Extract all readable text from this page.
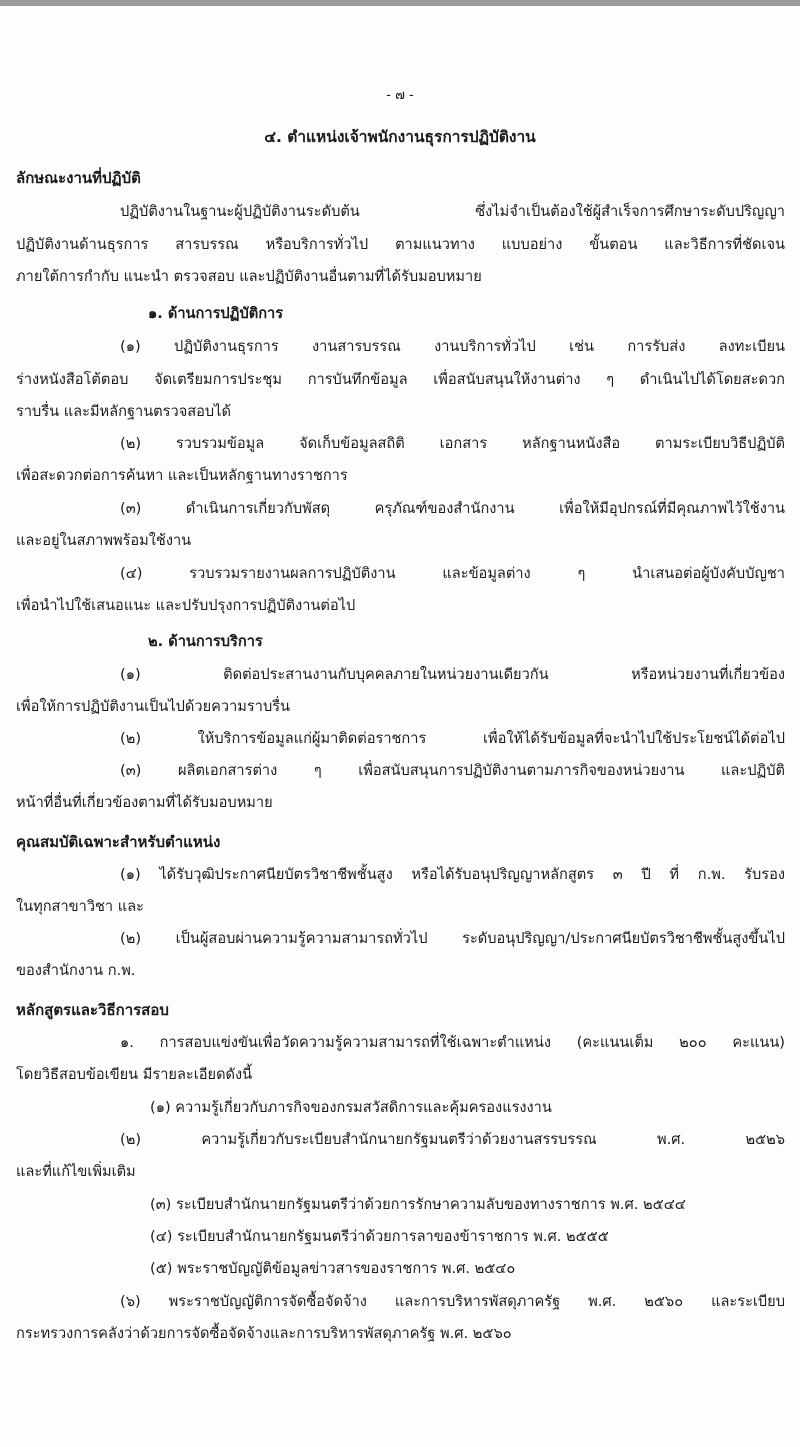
- ๗ -
๔. ตำแหน่งเจ้าพนักงานธุรการปฏิบัติงาน
ลักษณะงานที่ปฏิบัติ
ปฏิบัติงานในฐานะผู้ปฏิบัติงานระดับต้น ซึ่งไม่จำเป็นต้องใช้ผู้สำเร็จการศึกษาระดับปริญญา
ปฏิบัติงานด้านธุรการ สารบรรณ หรือบริการทั่วไป ตามแนวทาง แบบอย่าง ขั้นตอน และวิธีการที่ชัดเจน
ภายใต้การกำกับ แนะนำ ตรวจสอบ และปฏิบัติงานอื่นตามที่ได้รับมอบหมาย
๑. ด้านการปฏิบัติการ
(๑) ปฏิบัติงานธุรการ งานสารบรรณ งานบริการทั่วไป เช่น การรับส่ง ลงทะเบียน
ร่างหนังสือโต้ตอบ จัดเตรียมการประชุม การบันทึกข้อมูล เพื่อสนับสนุนให้งานต่าง ๆ ดำเนินไปได้โดยสะดวก
ราบรื่น และมีหลักฐานตรวจสอบได้
(๒) รวบรวมข้อมูล จัดเก็บข้อมูลสถิติ เอกสาร หลักฐานหนังสือ ตามระเบียบวิธีปฏิบัติ
เพื่อสะดวกต่อการค้นหา และเป็นหลักฐานทางราชการ
(๓) ดำเนินการเกี่ยวกับพัสดุ ครุภัณฑ์ของสำนักงาน เพื่อให้มีอุปกรณ์ที่มีคุณภาพไว้ใช้งาน
และอยู่ในสภาพพร้อมใช้งาน
(๔) รวบรวมรายงานผลการปฏิบัติงาน และข้อมูลต่าง ๆ นำเสนอต่อผู้บังคับบัญชา
เพื่อนำไปใช้เสนอแนะ และปรับปรุงการปฏิบัติงานต่อไป
๒. ด้านการบริการ
(๑) ติดต่อประสานงานกับบุคคลภายในหน่วยงานเดียวกัน หรือหน่วยงานที่เกี่ยวข้อง
เพื่อให้การปฏิบัติงานเป็นไปด้วยความราบรื่น
(๒) ให้บริการข้อมูลแก่ผู้มาติดต่อราชการ เพื่อให้ได้รับข้อมูลที่จะนำไปใช้ประโยชน์ได้ต่อไป
(๓) ผลิตเอกสารต่าง ๆ เพื่อสนับสนุนการปฏิบัติงานตามภารกิจของหน่วยงาน และปฏิบัติ
หน้าที่อื่นที่เกี่ยวข้องตามที่ได้รับมอบหมาย
คุณสมบัติเฉพาะสำหรับตำแหน่ง
(๑) ได้รับวุฒิประกาศนียบัตรวิชาชีพชั้นสูง หรือได้รับอนุปริญญาหลักสูตร ๓ ปี ที่ ก.พ. รับรอง
ในทุกสาขาวิชา และ
(๒) เป็นผู้สอบผ่านความรู้ความสามารถทั่วไป ระดับอนุปริญญา/ประกาศนียบัตรวิชาชีพชั้นสูงขึ้นไป
ของสำนักงาน ก.พ.
หลักสูตรและวิธีการสอบ
๑. การสอบแข่งขันเพื่อวัดความรู้ความสามารถที่ใช้เฉพาะตำแหน่ง (คะแนนเต็ม ๒๐๐ คะแนน)
โดยวิธีสอบข้อเขียน มีรายละเอียดดังนี้
(๑) ความรู้เกี่ยวกับภารกิจของกรมสวัสดิการและคุ้มครองแรงงาน
(๒) ความรู้เกี่ยวกับระเบียบสำนักนายกรัฐมนตรีว่าด้วยงานสรรบรรณ พ.ศ. ๒๕๒๖
และที่แก้ไขเพิ่มเติม
(๓) ระเบียบสำนักนายกรัฐมนตรีว่าด้วยการรักษาความลับของทางราชการ พ.ศ. ๒๕๔๔
(๔) ระเบียบสำนักนายกรัฐมนตรีว่าด้วยการลาของข้าราชการ พ.ศ. ๒๕๕๕
(๕) พระราชบัญญัติข้อมูลข่าวสารของราชการ พ.ศ. ๒๕๔๐
(๖) พระราชบัญญัติการจัดซื้อจัดจ้าง และการบริหารพัสดุภาครัฐ พ.ศ. ๒๕๖๐ และระเบียบ
กระทรวงการคลังว่าด้วยการจัดซื้อจัดจ้างและการบริหารพัสดุภาครัฐ พ.ศ. ๒๕๖๐
